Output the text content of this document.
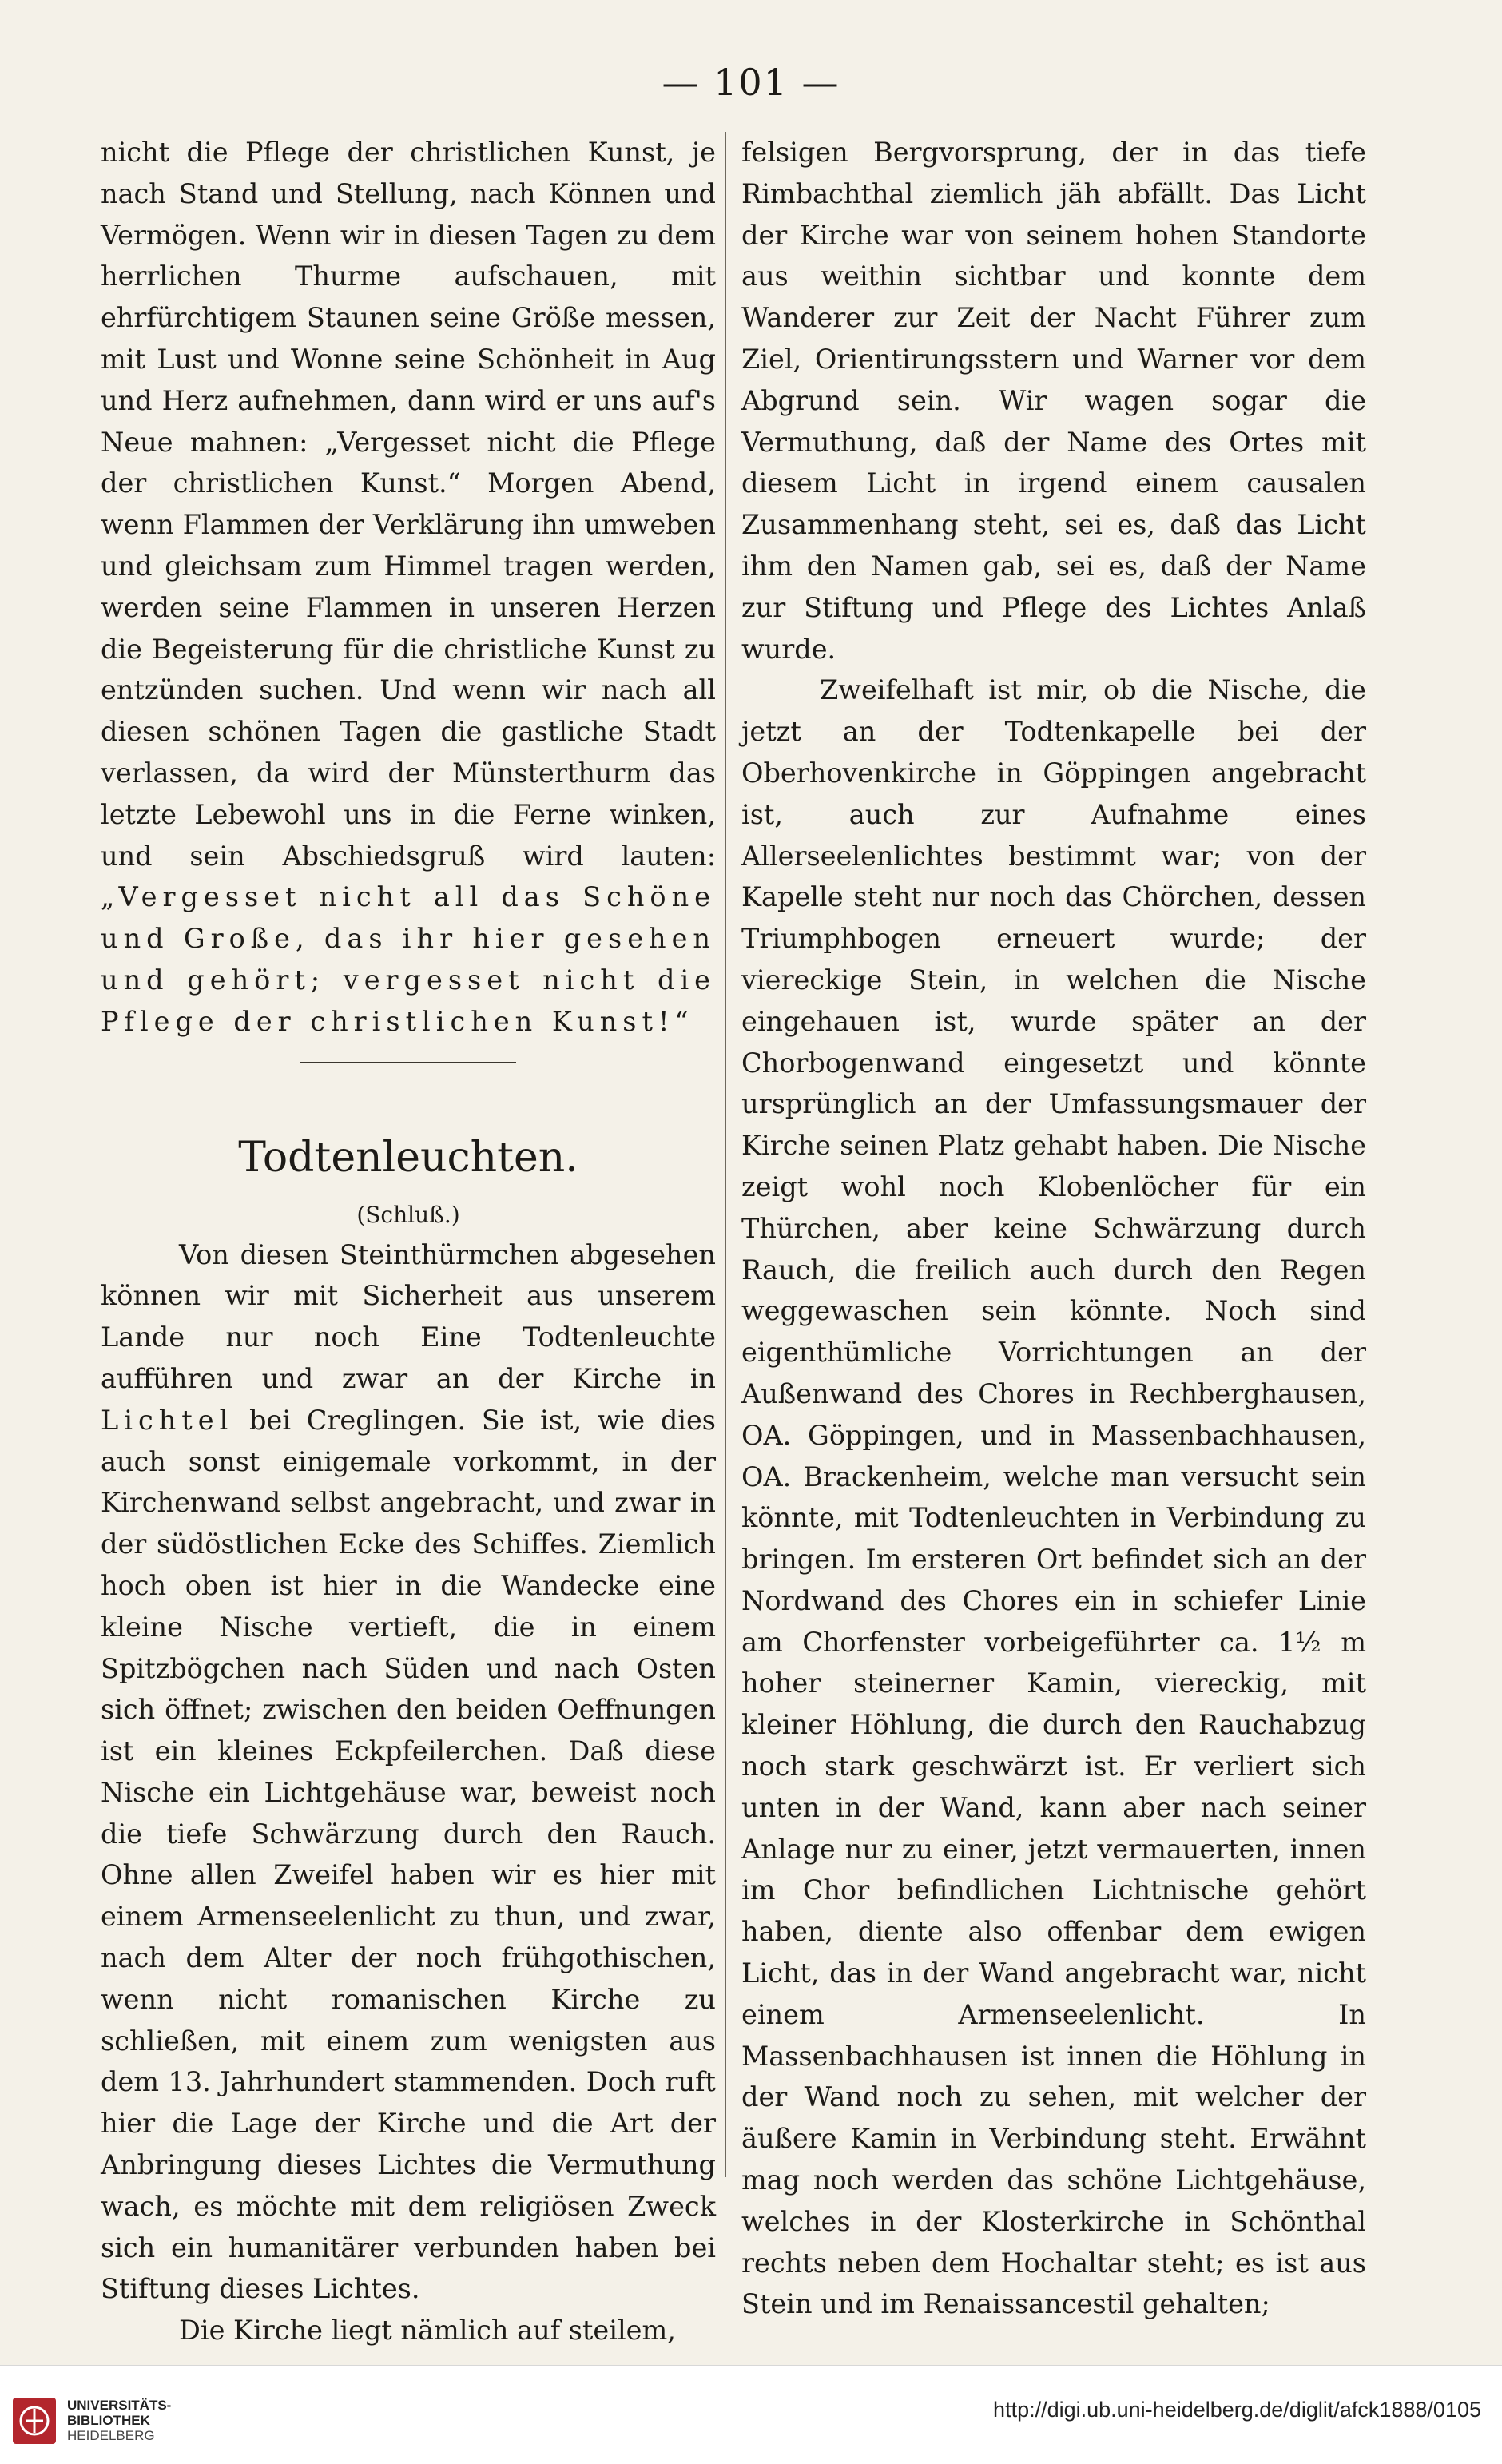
— 101 —

nicht die Pflege der christlichen Kunst, je nach Stand und Stellung, nach Können und Vermögen. Wenn wir in diesen Tagen zu dem herrlichen Thurme aufschauen, mit ehrfürchtigem Staunen seine Größe messen, mit Lust und Wonne seine Schönheit in Aug und Herz aufnehmen, dann wird er uns auf's Neue mahnen: „Vergesset nicht die Pflege der christlichen Kunst.“ Morgen Abend, wenn Flammen der Verklärung ihn umweben und gleichsam zum Himmel tragen werden, werden seine Flammen in unseren Herzen die Begeisterung für die christliche Kunst zu entzünden suchen. Und wenn wir nach all diesen schönen Tagen die gastliche Stadt verlassen, da wird der Münsterthurm das letzte Lebewohl uns in die Ferne winken, und sein Abschiedsgruß wird lauten: „Vergesset nicht all das Schöne und Große, das ihr hier gesehen und gehört; vergesset nicht die Pflege der christlichen Kunst!“

Todtenleuchten.
(Schluß.)

Von diesen Steinthürmchen abgesehen können wir mit Sicherheit aus unserem Lande nur noch Eine Todtenleuchte aufführen und zwar an der Kirche in Lichtel bei Creglingen. Sie ist, wie dies auch sonst einigemale vorkommt, in der Kirchenwand selbst angebracht, und zwar in der südöstlichen Ecke des Schiffes. Ziemlich hoch oben ist hier in die Wandecke eine kleine Nische vertieft, die in einem Spitzbögchen nach Süden und nach Osten sich öffnet; zwischen den beiden Oeffnungen ist ein kleines Eckpfeilerchen. Daß diese Nische ein Lichtgehäuse war, beweist noch die tiefe Schwärzung durch den Rauch. Ohne allen Zweifel haben wir es hier mit einem Armenseelenlicht zu thun, und zwar, nach dem Alter der noch frühgothischen, wenn nicht romanischen Kirche zu schließen, mit einem zum wenigsten aus dem 13. Jahrhundert stammenden. Doch ruft hier die Lage der Kirche und die Art der Anbringung dieses Lichtes die Vermuthung wach, es möchte mit dem religiösen Zweck sich ein humanitärer verbunden haben bei Stiftung dieses Lichtes.

Die Kirche liegt nämlich auf steilem,

felsigen Bergvorsprung, der in das tiefe Rimbachthal ziemlich jäh abfällt. Das Licht der Kirche war von seinem hohen Standorte aus weithin sichtbar und konnte dem Wanderer zur Zeit der Nacht Führer zum Ziel, Orientirungsstern und Warner vor dem Abgrund sein. Wir wagen sogar die Vermuthung, daß der Name des Ortes mit diesem Licht in irgend einem causalen Zusammenhang steht, sei es, daß das Licht ihm den Namen gab, sei es, daß der Name zur Stiftung und Pflege des Lichtes Anlaß wurde.

Zweifelhaft ist mir, ob die Nische, die jetzt an der Todtenkapelle bei der Oberhovenkirche in Göppingen angebracht ist, auch zur Aufnahme eines Allerseelenlichtes bestimmt war; von der Kapelle steht nur noch das Chörchen, dessen Triumphbogen erneuert wurde; der viereckige Stein, in welchen die Nische eingehauen ist, wurde später an der Chorbogenwand eingesetzt und könnte ursprünglich an der Umfassungsmauer der Kirche seinen Platz gehabt haben. Die Nische zeigt wohl noch Klobenlöcher für ein Thürchen, aber keine Schwärzung durch Rauch, die freilich auch durch den Regen weggewaschen sein könnte. Noch sind eigenthümliche Vorrichtungen an der Außenwand des Chores in Rechberghausen, OA. Göppingen, und in Massenbachhausen, OA. Brackenheim, welche man versucht sein könnte, mit Todtenleuchten in Verbindung zu bringen. Im ersteren Ort befindet sich an der Nordwand des Chores ein in schiefer Linie am Chorfenster vorbeigeführter ca. 1½ m hoher steinerner Kamin, viereckig, mit kleiner Höhlung, die durch den Rauchabzug noch stark geschwärzt ist. Er verliert sich unten in der Wand, kann aber nach seiner Anlage nur zu einer, jetzt vermauerten, innen im Chor befindlichen Lichtnische gehört haben, diente also offenbar dem ewigen Licht, das in der Wand angebracht war, nicht einem Armenseelenlicht. In Massenbachhausen ist innen die Höhlung in der Wand noch zu sehen, mit welcher der äußere Kamin in Verbindung steht. Erwähnt mag noch werden das schöne Lichtgehäuse, welches in der Klosterkirche in Schönthal rechts neben dem Hochaltar steht; es ist aus Stein und im Renaissancestil gehalten;

UNIVERSITÄTS-
BIBLIOTHEK
HEIDELBERG
http://digi.ub.uni-heidelberg.de/diglit/afck1888/0105
